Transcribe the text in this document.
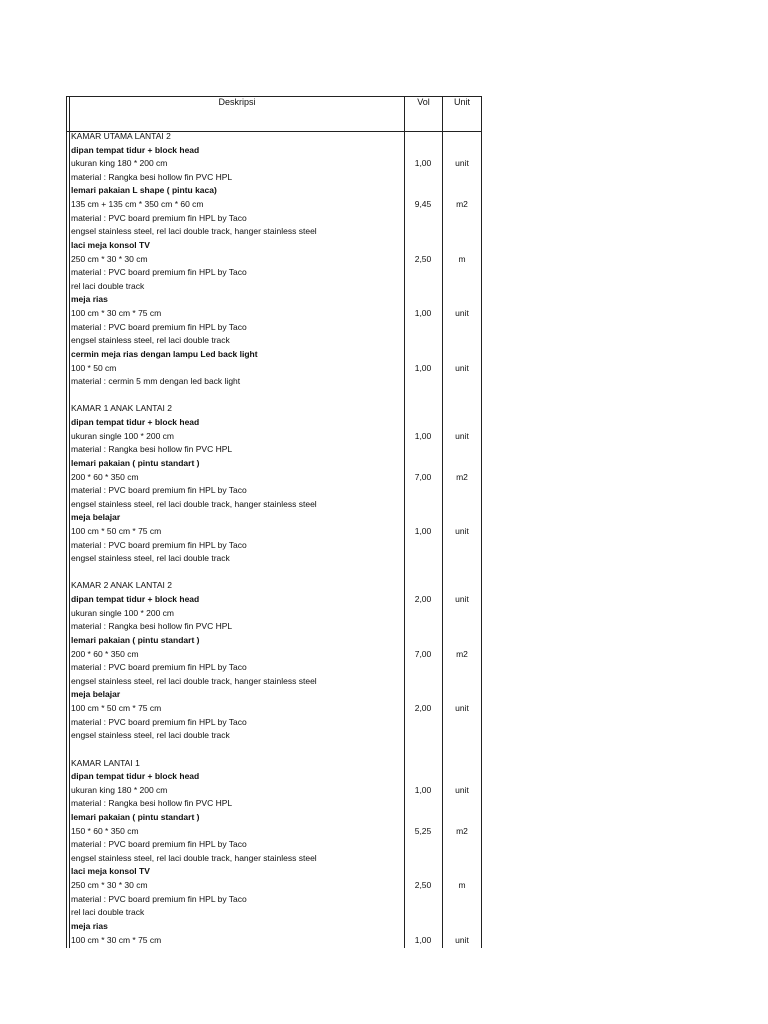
Deskripsi	Vol	Unit
KAMAR UTAMA LANTAI 2
dipan tempat tidur + block head
ukuran king 180 * 200 cm	1,00	unit
material : Rangka besi hollow fin PVC HPL
lemari pakaian L shape ( pintu kaca)
135 cm + 135 cm * 350 cm * 60 cm	9,45	m2
material : PVC board premium fin HPL by Taco
engsel stainless steel, rel laci double track, hanger stainless steel
laci meja konsol TV
250 cm * 30 * 30 cm	2,50	m
material : PVC board premium fin HPL by Taco
rel laci double track
meja rias
100 cm * 30 cm * 75 cm	1,00	unit
material : PVC board premium fin HPL by Taco
engsel stainless steel, rel laci double track
cermin meja rias dengan lampu Led back light
100 * 50 cm	1,00	unit
material : cermin 5 mm dengan led back light
KAMAR 1 ANAK LANTAI 2
dipan tempat tidur + block head
ukuran single 100 * 200 cm	1,00	unit
material : Rangka besi hollow fin PVC HPL
lemari pakaian ( pintu standart )
200 * 60 * 350 cm	7,00	m2
material : PVC board premium fin HPL by Taco
engsel stainless steel, rel laci double track, hanger stainless steel
meja belajar
100 cm * 50 cm * 75 cm	1,00	unit
material : PVC board premium fin HPL by Taco
engsel stainless steel, rel laci double track
KAMAR 2 ANAK LANTAI 2
dipan tempat tidur + block head	2,00	unit
ukuran single 100 * 200 cm
material : Rangka besi hollow fin PVC HPL
lemari pakaian ( pintu standart )
200 * 60 * 350 cm	7,00	m2
material : PVC board premium fin HPL by Taco
engsel stainless steel, rel laci double track, hanger stainless steel
meja belajar
100 cm * 50 cm * 75 cm	2,00	unit
material : PVC board premium fin HPL by Taco
engsel stainless steel, rel laci double track
KAMAR LANTAI 1
dipan tempat tidur + block head
ukuran king 180 * 200 cm	1,00	unit
material : Rangka besi hollow fin PVC HPL
lemari pakaian ( pintu standart )
150 * 60 * 350 cm	5,25	m2
material : PVC board premium fin HPL by Taco
engsel stainless steel, rel laci double track, hanger stainless steel
laci meja konsol TV
250 cm * 30 * 30 cm	2,50	m
material : PVC board premium fin HPL by Taco
rel laci double track
meja rias
100 cm * 30 cm * 75 cm	1,00	unit
